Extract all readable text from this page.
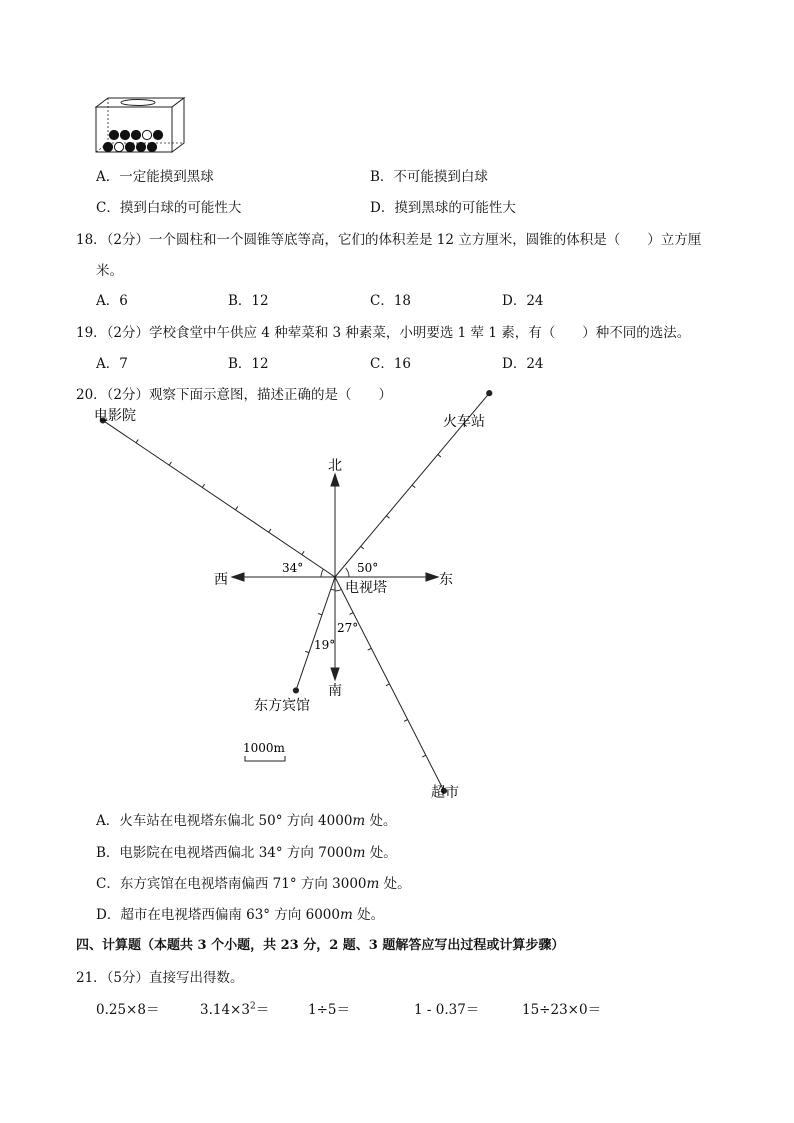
A．一定能摸到黑球	B．不可能摸到白球
C．摸到白球的可能性大	D．摸到黑球的可能性大
18．（2分）一个圆柱和一个圆锥等底等高，它们的体积差是 12 立方厘米，圆锥的体积是（　　）立方厘
米。
A．6	B．12	C．18	D．24
19．（2分）学校食堂中午供应 4 种荤菜和 3 种素菜，小明要选 1 荤 1 素，有（　　）种不同的选法。
A．7	B．12	C．16	D．24
20．（2分）观察下面示意图，描述正确的是（　　）
电影院	火车站
北
南
东
西	电视塔
东方宾馆
超市
34°	50°
27°
19°
1000m
A．火车站在电视塔东偏北 50° 方向 4000m 处。
B．电影院在电视塔西偏北 34° 方向 7000m 处。
C．东方宾馆在电视塔南偏西 71° 方向 3000m 处。
D．超市在电视塔西偏南 63° 方向 6000m 处。
四、计算题（本题共 3 个小题，共 23 分，2 题、3 题解答应写出过程或计算步骤）
21．（5分）直接写出得数。
0.25×8＝	$3.14\times 3^2=$	1÷5＝	1 - 0.37＝	15÷23×0＝
